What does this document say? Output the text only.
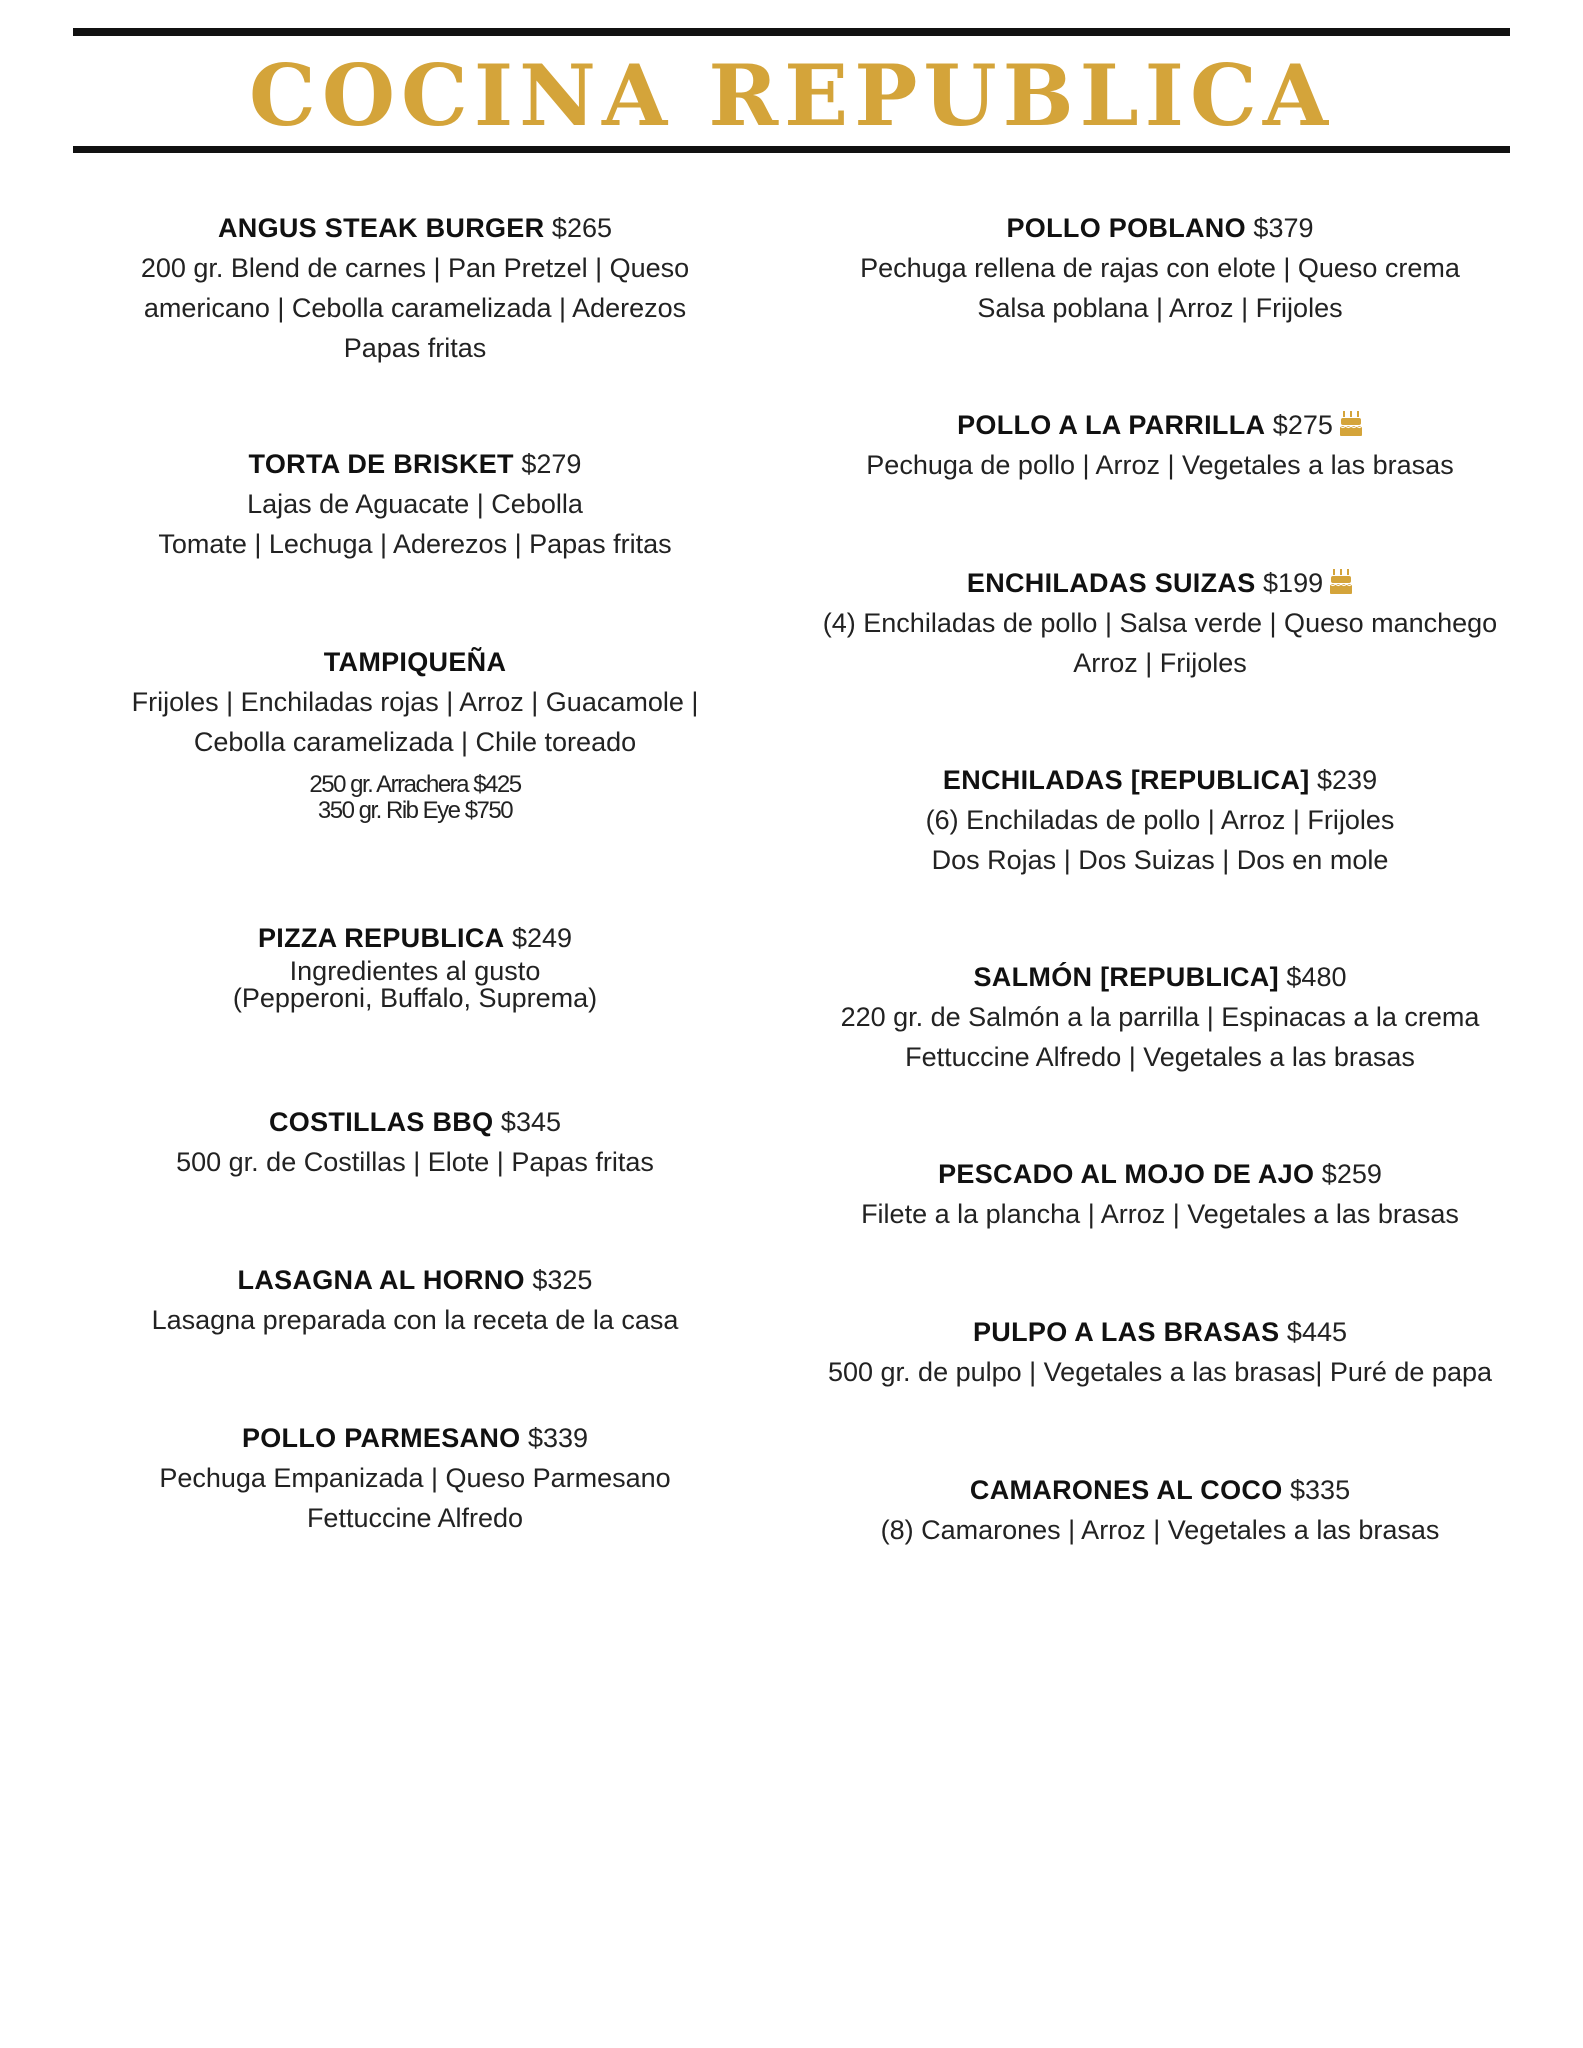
COCINA REPUBLICA

ANGUS STEAK BURGER $265

200 gr. Blend de carnes | Pan Pretzel | Queso

americano | Cebolla caramelizada | Aderezos

Papas fritas

TORTA DE BRISKET $279

Lajas de Aguacate | Cebolla

Tomate | Lechuga | Aderezos | Papas fritas

TAMPIQUEÑA

Frijoles | Enchiladas rojas | Arroz | Guacamole |

Cebolla caramelizada | Chile toreado

250 gr. Arrachera $425

350 gr. Rib Eye $750

PIZZA REPUBLICA $249

Ingredientes al gusto

(Pepperoni, Buffalo, Suprema)

COSTILLAS BBQ $345

500 gr. de Costillas | Elote | Papas fritas

LASAGNA AL HORNO $325

Lasagna preparada con la receta de la casa

POLLO PARMESANO $339

Pechuga Empanizada | Queso Parmesano

Fettuccine Alfredo

POLLO POBLANO $379

Pechuga rellena de rajas con elote | Queso crema

Salsa poblana | Arroz | Frijoles

POLLO A LA PARRILLA $275

Pechuga de pollo | Arroz | Vegetales a las brasas

ENCHILADAS SUIZAS $199

(4) Enchiladas de pollo | Salsa verde | Queso manchego

Arroz | Frijoles

ENCHILADAS [REPUBLICA] $239

(6) Enchiladas de pollo | Arroz | Frijoles

Dos Rojas | Dos Suizas | Dos en mole

SALMÓN [REPUBLICA] $480

220 gr. de Salmón a la parrilla | Espinacas a la crema

Fettuccine Alfredo | Vegetales a las brasas

PESCADO AL MOJO DE AJO $259

Filete a la plancha | Arroz | Vegetales a las brasas

PULPO A LAS BRASAS $445

500 gr. de pulpo | Vegetales a las brasas| Puré de papa

CAMARONES AL COCO $335

(8) Camarones | Arroz | Vegetales a las brasas
